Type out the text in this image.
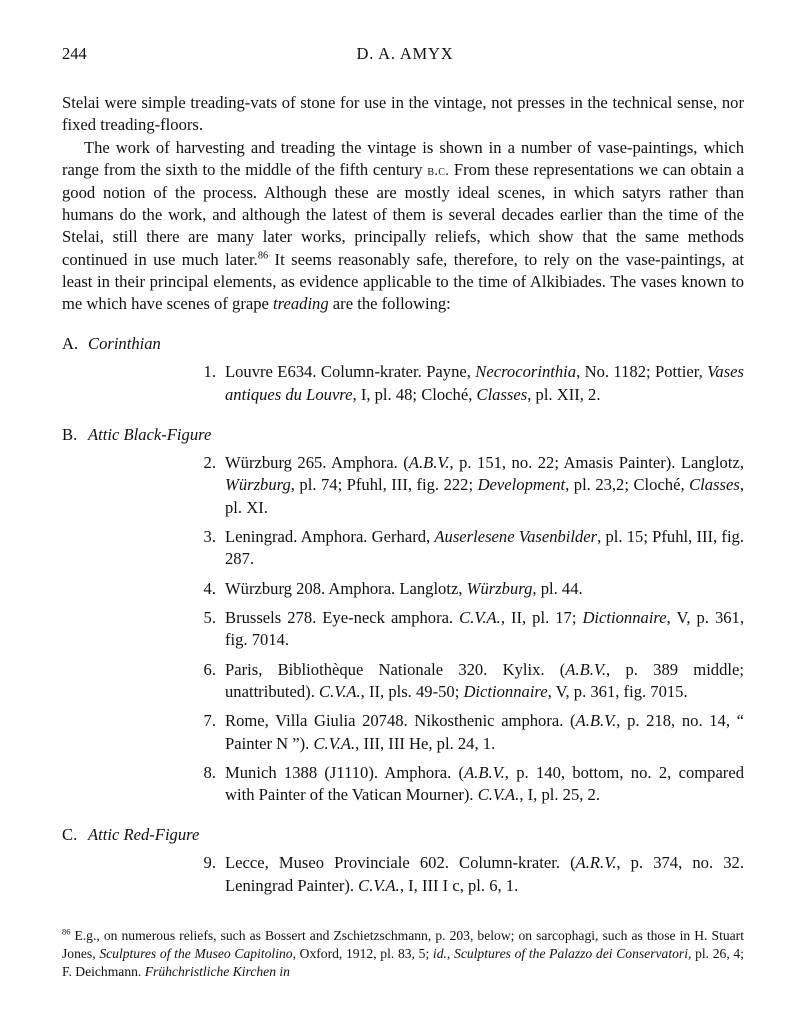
244	D. A. AMYX

Stelai were simple treading-vats of stone for use in the vintage, not presses in the technical sense, nor fixed treading-floors.

The work of harvesting and treading the vintage is shown in a number of vase-paintings, which range from the sixth to the middle of the fifth century b.c. From these representations we can obtain a good notion of the process. Although these are mostly ideal scenes, in which satyrs rather than humans do the work, and although the latest of them is several decades earlier than the time of the Stelai, still there are many later works, principally reliefs, which show that the same methods continued in use much later.$^{86}$ It seems reasonably safe, therefore, to rely on the vase-paintings, at least in their principal elements, as evidence applicable to the time of Alkibiades. The vases known to me which have scenes of grape treading are the following:

A. Corinthian
1. Louvre E634. Column-krater. Payne, Necrocorinthia, No. 1182; Pottier, Vases antiques du Louvre, I, pl. 48; Cloché, Classes, pl. XII, 2.
B. Attic Black-Figure
2. Würzburg 265. Amphora. (A.B.V., p. 151, no. 22; Amasis Painter). Langlotz, Würzburg, pl. 74; Pfuhl, III, fig. 222; Development, pl. 23,2; Cloché, Classes, pl. XI.
3. Leningrad. Amphora. Gerhard, Auserlesene Vasenbilder, pl. 15; Pfuhl, III, fig. 287.
4. Würzburg 208. Amphora. Langlotz, Würzburg, pl. 44.
5. Brussels 278. Eye-neck amphora. C.V.A., II, pl. 17; Dictionnaire, V, p. 361, fig. 7014.
6. Paris, Bibliothèque Nationale 320. Kylix. (A.B.V., p. 389 middle; unattributed). C.V.A., II, pls. 49-50; Dictionnaire, V, p. 361, fig. 7015.
7. Rome, Villa Giulia 20748. Nikosthenic amphora. (A.B.V., p. 218, no. 14, “ Painter N ”). C.V.A., III, III He, pl. 24, 1.
8. Munich 1388 (J1110). Amphora. (A.B.V., p. 140, bottom, no. 2, compared with Painter of the Vatican Mourner). C.V.A., I, pl. 25, 2.
C. Attic Red-Figure
9. Lecce, Museo Provinciale 602. Column-krater. (A.R.V., p. 374, no. 32. Leningrad Painter). C.V.A., I, III I c, pl. 6, 1.
$^{86}$ E.g., on numerous reliefs, such as Bossert and Zschietzschmann, p. 203, below; on sarcophagi, such as those in H. Stuart Jones, Sculptures of the Museo Capitolino, Oxford, 1912, pl. 83, 5; id., Sculptures of the Palazzo dei Conservatori, pl. 26, 4; F. Deichmann. Frühchristliche Kirchen in
